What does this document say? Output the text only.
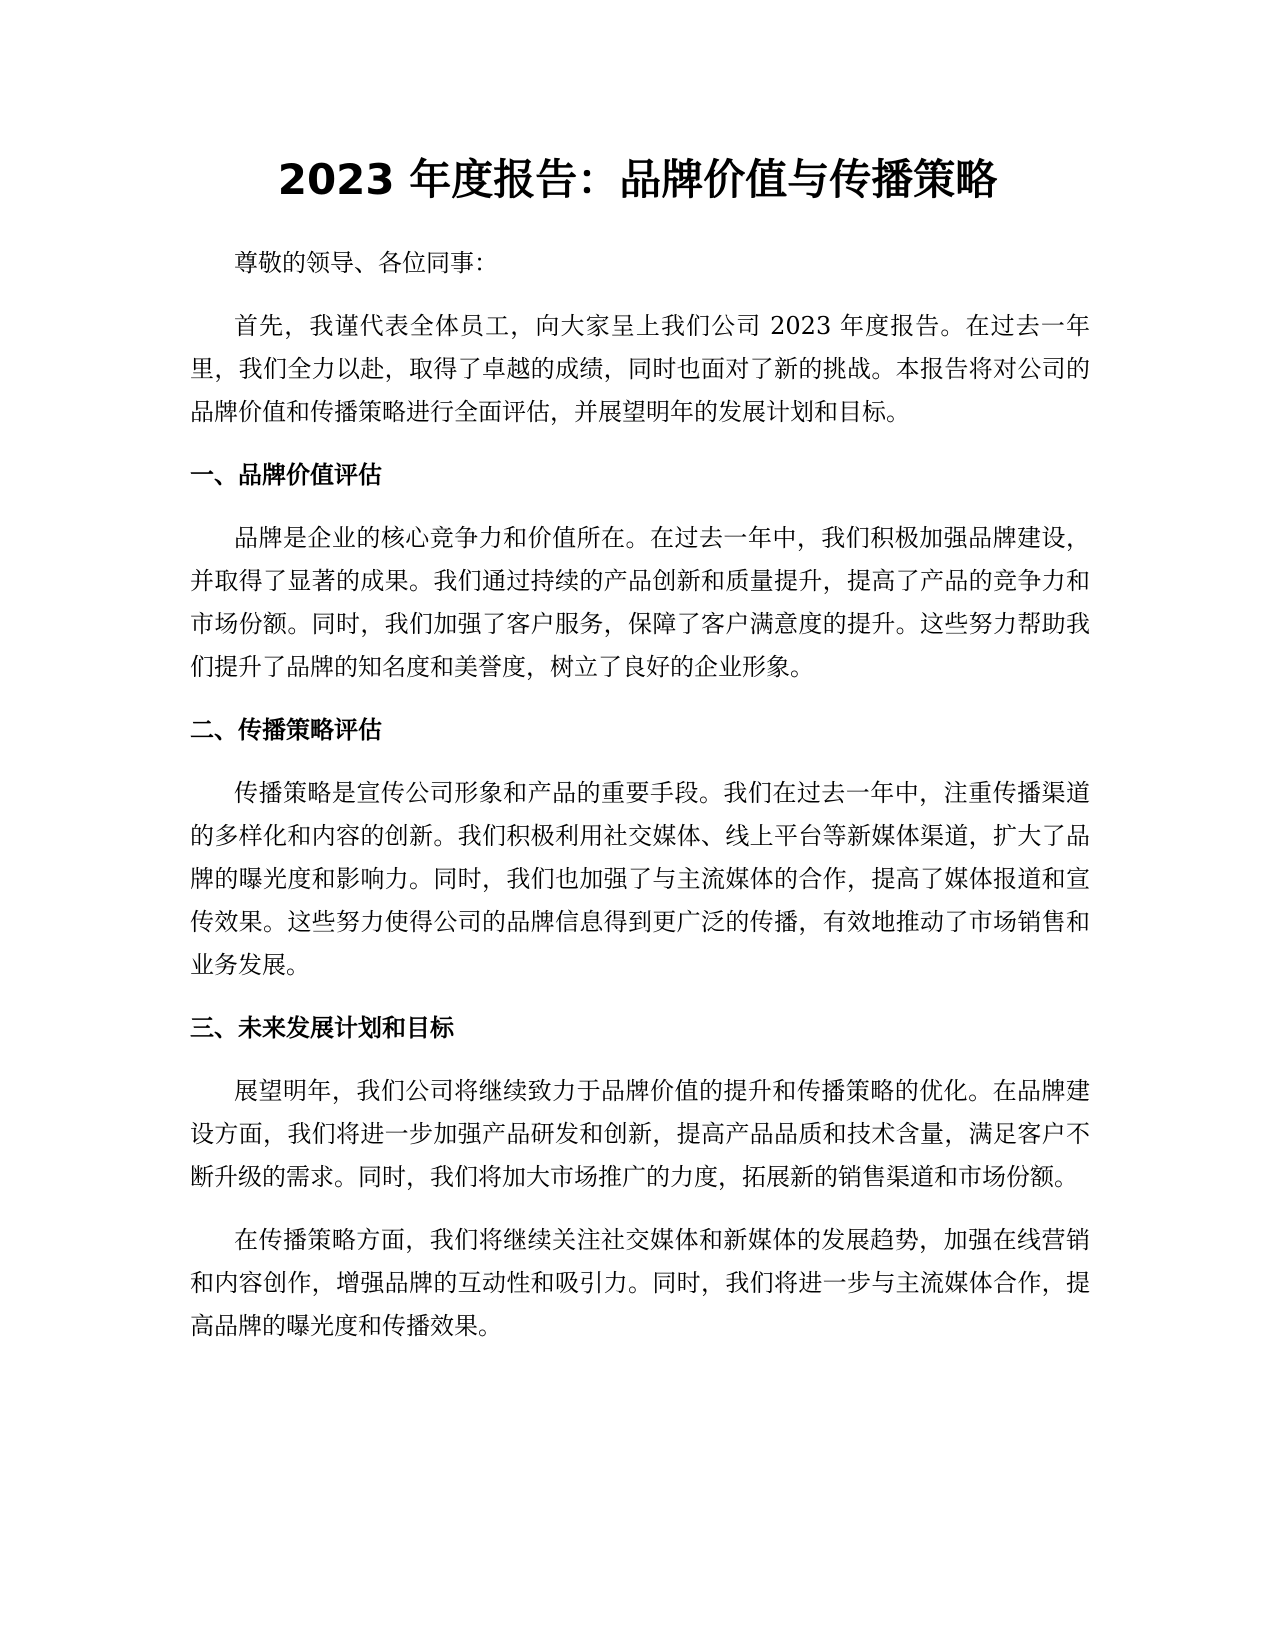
2023 年度报告：品牌价值与传播策略

尊敬的领导、各位同事：

首先，我谨代表全体员工，向大家呈上我们公司 2023 年度报告。在过去一年里，我们全力以赴，取得了卓越的成绩，同时也面对了新的挑战。本报告将对公司的品牌价值和传播策略进行全面评估，并展望明年的发展计划和目标。

一、品牌价值评估

品牌是企业的核心竞争力和价值所在。在过去一年中，我们积极加强品牌建设，并取得了显著的成果。我们通过持续的产品创新和质量提升，提高了产品的竞争力和市场份额。同时，我们加强了客户服务，保障了客户满意度的提升。这些努力帮助我们提升了品牌的知名度和美誉度，树立了良好的企业形象。

二、传播策略评估

传播策略是宣传公司形象和产品的重要手段。我们在过去一年中，注重传播渠道的多样化和内容的创新。我们积极利用社交媒体、线上平台等新媒体渠道，扩大了品牌的曝光度和影响力。同时，我们也加强了与主流媒体的合作，提高了媒体报道和宣传效果。这些努力使得公司的品牌信息得到更广泛的传播，有效地推动了市场销售和业务发展。

三、未来发展计划和目标

展望明年，我们公司将继续致力于品牌价值的提升和传播策略的优化。在品牌建设方面，我们将进一步加强产品研发和创新，提高产品品质和技术含量，满足客户不断升级的需求。同时，我们将加大市场推广的力度，拓展新的销售渠道和市场份额。

在传播策略方面，我们将继续关注社交媒体和新媒体的发展趋势，加强在线营销和内容创作，增强品牌的互动性和吸引力。同时，我们将进一步与主流媒体合作，提高品牌的曝光度和传播效果。
